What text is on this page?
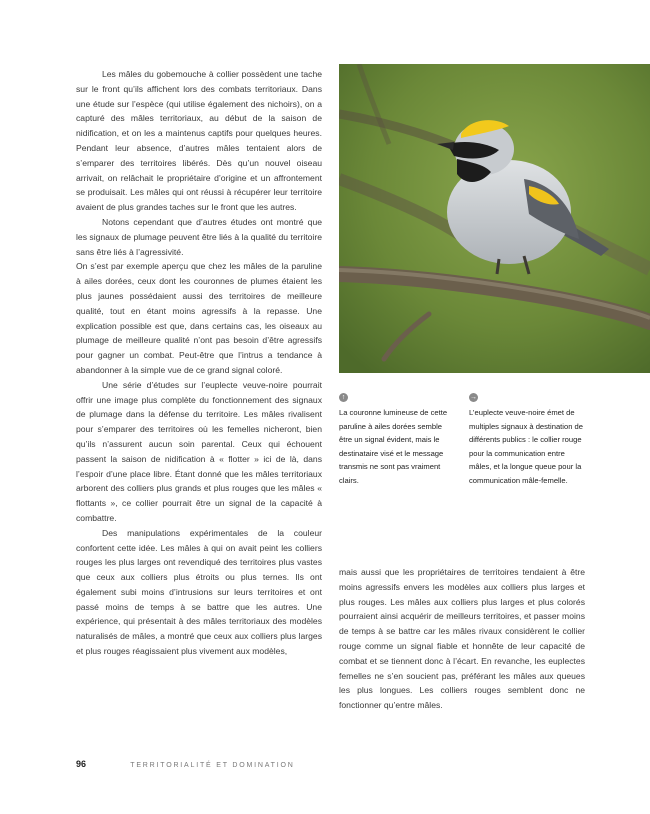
Les mâles du gobemouche à collier possèdent une tache sur le front qu’ils affichent lors des combats territoriaux. Dans une étude sur l’espèce (qui utilise également des nichoirs), on a capturé des mâles territoriaux, au début de la saison de nidification, et on les a maintenus captifs pour quelques heures. Pendant leur absence, d’autres mâles tentaient alors de s’emparer des territoires libérés. Dès qu’un nouvel oiseau arrivait, on relâchait le propriétaire d’origine et un affrontement se produisait. Les mâles qui ont réussi à récupérer leur territoire avaient de plus grandes taches sur le front que les autres.

Notons cependant que d’autres études ont montré que les signaux de plumage peuvent être liés à la qualité du territoire sans être liés à l’agressivité.

On s’est par exemple aperçu que chez les mâles de la paruline à ailes dorées, ceux dont les couronnes de plumes étaient les plus jaunes possédaient aussi des territoires de meilleure qualité, tout en étant moins agressifs à la repasse. Une explication possible est que, dans certains cas, les oiseaux au plumage de meilleure qualité n’ont pas besoin d’être agressifs pour gagner un combat. Peut-être que l’intrus a tendance à abandonner à la simple vue de ce grand signal coloré.

Une série d’études sur l’euplecte veuve-noire pourrait offrir une image plus complète du fonctionnement des signaux de plumage dans la défense du territoire. Les mâles rivalisent pour s’emparer des territoires où les femelles nicheront, bien qu’ils n’assurent aucun soin parental. Ceux qui échouent passent la saison de nidification à « flotter » ici de là, dans l’espoir d’une place libre. Étant donné que les mâles territoriaux arborent des colliers plus grands et plus rouges que les mâles « flottants », ce collier pourrait être un signal de la capacité à combattre.

Des manipulations expérimentales de la couleur confortent cette idée. Les mâles à qui on avait peint les colliers rouges les plus larges ont revendiqué des territoires plus vastes que ceux aux colliers plus étroits ou plus ternes. Ils ont également subi moins d’intrusions sur leurs territoires et ont passé moins de temps à se battre que les autres. Une expérience, qui présentait à des mâles territoriaux des modèles naturalisés de mâles, a montré que ceux aux colliers plus larges et plus rouges réagissaient plus vivement aux modèles,

↑
La couronne lumineuse de cette paruline à ailes dorées semble être un signal évident, mais le destinataire visé et le message transmis ne sont pas vraiment clairs.
→
L’euplecte veuve-noire émet de multiples signaux à destination de différents publics : le collier rouge pour la communication entre mâles, et la longue queue pour la communication mâle-femelle.

mais aussi que les propriétaires de territoires tendaient à être moins agressifs envers les modèles aux colliers plus larges et plus rouges. Les mâles aux colliers plus larges et plus colorés pourraient ainsi acquérir de meilleurs territoires, et passer moins de temps à se battre car les mâles rivaux considèrent le collier rouge comme un signal fiable et honnête de leur capacité de combat et se tiennent donc à l’écart. En revanche, les euplectes femelles ne s’en soucient pas, préférant les mâles aux queues les plus longues. Les colliers rouges semblent donc ne fonctionner qu’entre mâles.

96	TERRITORIALITÉ ET DOMINATION
